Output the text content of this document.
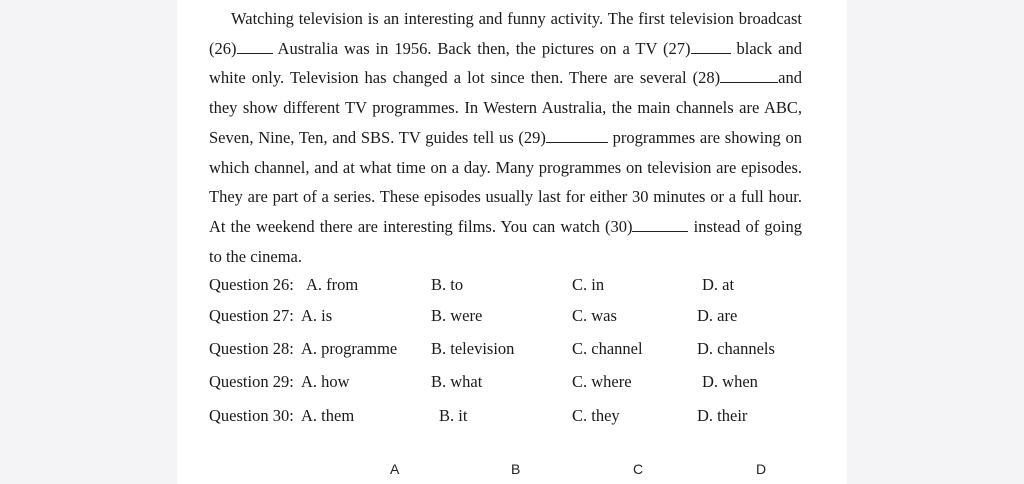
Watching television is an interesting and funny activity. The first television broadcast (26) Australia was in 1956. Back then, the pictures on a TV (27) black and white only. Television has changed a lot since then. There are several (28)	and they show different TV programmes. In Western Australia, the main channels are ABC, Seven, Nine, Ten, and SBS. TV guides tell us (29)	programmes are showing on which channel, and at what time on a day. Many programmes on television are episodes. They are part of a series. These episodes usually last for either 30 minutes or a full hour. At the weekend there are interesting films. You can watch (30)	instead of going to the cinema.
Question 26: A. from	B. to	C. in	D. at
Question 27: A. is	B. were	C. was	D. are
Question 28: A. programme B. television	C. channel	D. channels
Question 29: A. how	B. what	C. where	D. when
Question 30: A. them	B. it	C. they	D. their
A	B	C	D
